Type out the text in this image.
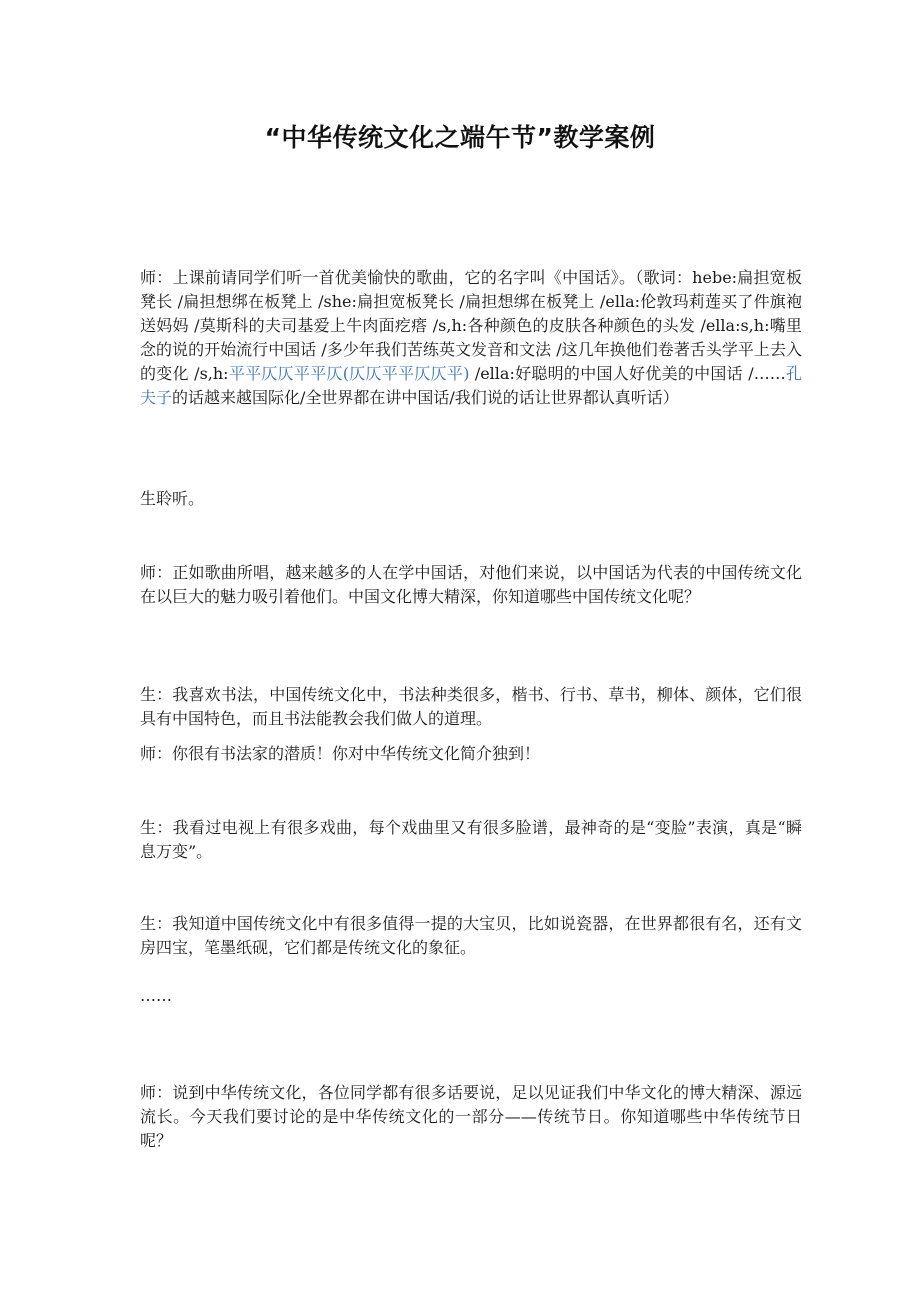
“中华传统文化之端午节”教学案例

师：上课前请同学们听一首优美愉快的歌曲，它的名字叫《中国话》。（歌词：hebe:扁担宽板凳长 /扁担想绑在板凳上 /she:扁担宽板凳长 /扁担想绑在板凳上 /ella:伦敦玛莉莲买了件旗袍送妈妈 /莫斯科的夫司基爱上牛肉面疙瘩 /s,h:各种颜色的皮肤各种颜色的头发 /ella:s,h:嘴里念的说的开始流行中国话 /多少年我们苦练英文发音和文法 /这几年换他们卷著舌头学平上去入的变化 /s,h:平平仄仄平平仄(仄仄平平仄仄平) /ella:好聪明的中国人好优美的中国话 /……孔夫子的话越来越国际化/全世界都在讲中国话/我们说的话让世界都认真听话）

生聆听。

师：正如歌曲所唱，越来越多的人在学中国话，对他们来说，以中国话为代表的中国传统文化在以巨大的魅力吸引着他们。中国文化博大精深，你知道哪些中国传统文化呢？

生：我喜欢书法，中国传统文化中，书法种类很多，楷书、行书、草书，柳体、颜体，它们很具有中国特色，而且书法能教会我们做人的道理。

师：你很有书法家的潜质！你对中华传统文化简介独到！

生：我看过电视上有很多戏曲，每个戏曲里又有很多脸谱，最神奇的是“变脸”表演，真是“瞬息万变”。

生：我知道中国传统文化中有很多值得一提的大宝贝，比如说瓷器，在世界都很有名，还有文房四宝，笔墨纸砚，它们都是传统文化的象征。

……

师：说到中华传统文化，各位同学都有很多话要说，足以见证我们中华文化的博大精深、源远流长。今天我们要讨论的是中华传统文化的一部分——传统节日。你知道哪些中华传统节日呢？
